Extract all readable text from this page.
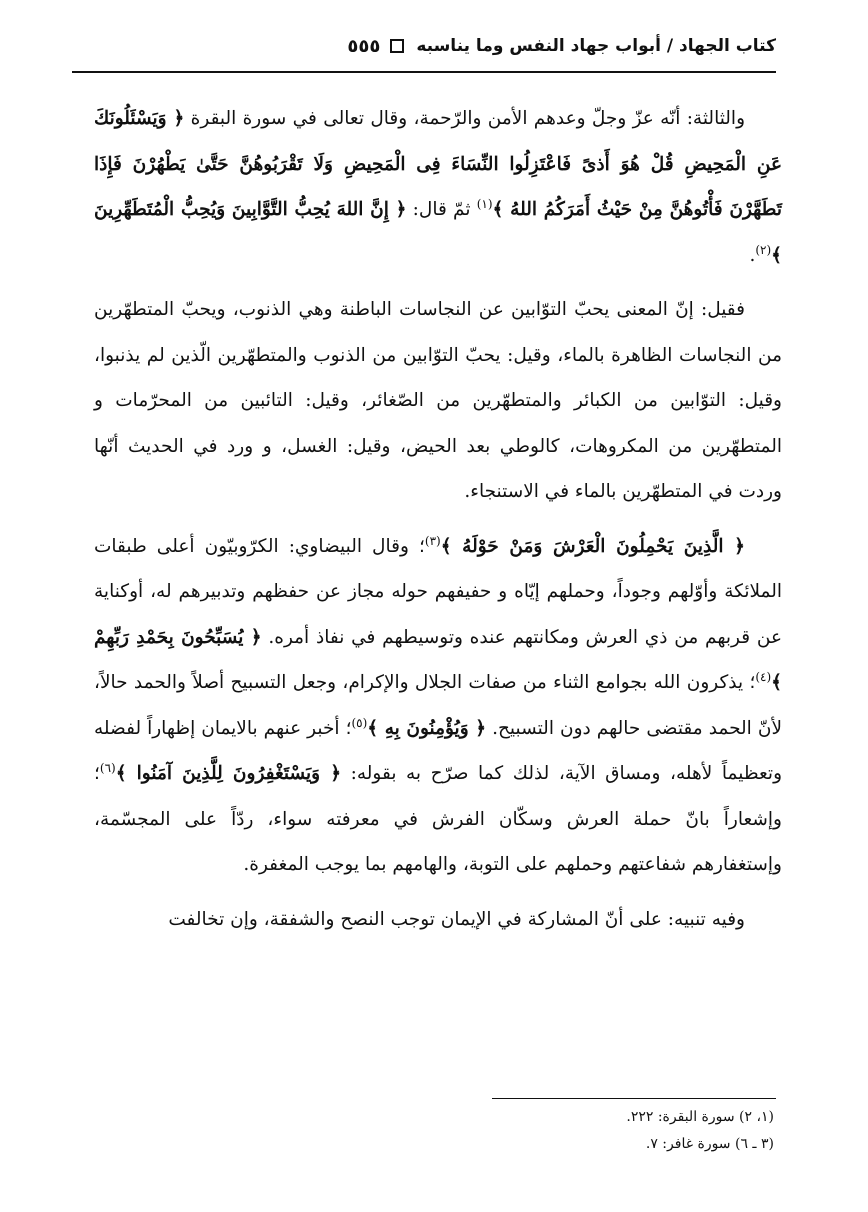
كتاب الجهاد / أبواب جهاد النفس وما يناسبه
٥٥٥

والثالثة: أنّه عزّ وجلّ وعدهم الأمن والرّحمة، وقال تعالى في سورة البقرة ﴿ وَيَسْئَلُونَكَ عَنِ الْمَحِيضِ قُلْ هُوَ أَذىً فَاعْتَزِلُوا النِّسَاءَ فِى الْمَحِيضِ وَلَا تَقْرَبُوهُنَّ حَتَّىٰ يَطْهُرْنَ فَإِذَا تَطَهَّرْنَ فَأْتُوهُنَّ مِنْ حَيْثُ أَمَرَكُمُ اللهُ ﴾$^{(١)}$ ثمّ قال: ﴿ إِنَّ اللهَ يُحِبُّ التَّوَّابِينَ وَيُحِبُّ الْمُتَطَهِّرِينَ ﴾$^{(٢)}$.

فقيل: إنّ المعنى يحبّ التوّابين عن النجاسات الباطنة وهي الذنوب، ويحبّ المتطهّرين من النجاسات الظاهرة بالماء، وقيل: يحبّ التوّابين من الذنوب والمتطهّرين الّذين لم يذنبوا، وقيل: التوّابين من الكبائر والمتطهّرين من الصّغائر، وقيل: التائبين من المحرّمات و المتطهّرين من المكروهات، كالوطي بعد الحيض، وقيل: الغسل، و ورد في الحديث أنّها وردت في المتطهّرين بالماء في الاستنجاء.

﴿ الَّذِينَ يَحْمِلُونَ الْعَرْشَ وَمَنْ حَوْلَهُ ﴾$^{(٣)}$؛ وقال البيضاوي: الكرّوبيّون أعلى طبقات الملائكة وأوّلهم وجوداً، وحملهم إيّاه و حفيفهم حوله مجاز عن حفظهم وتدبيرهم له، أوكناية عن قربهم من ذي العرش ومكانتهم عنده وتوسيطهم في نفاذ أمره. ﴿ يُسَبِّحُونَ بِحَمْدِ رَبِّهِمْ ﴾$^{(٤)}$؛ يذكرون الله بجوامع الثناء من صفات الجلال والإكرام، وجعل التسبيح أصلاً والحمد حالاً، لأنّ الحمد مقتضى حالهم دون التسبيح. ﴿ وَيُؤْمِنُونَ بِهِ ﴾$^{(٥)}$؛ أخبر عنهم بالايمان إظهاراً لفضله وتعظيماً لأهله، ومساق الآية، لذلك كما صرّح به بقوله: ﴿ وَيَسْتَغْفِرُونَ لِلَّذِينَ آمَنُوا ﴾$^{(٦)}$؛ وإشعاراً بانّ حملة العرش وسكّان الفرش في معرفته سواء، ردّاً على المجسّمة، وإستغفارهم شفاعتهم وحملهم على التوبة، والهامهم بما يوجب المغفرة.

وفيه تنبيه: على أنّ المشاركة في الإيمان توجب النصح والشفقة، وإن تخالفت

(١، ٢) سورة البقرة: ٢٢٢.
(٣ ـ ٦) سورة غافر: ٧.
